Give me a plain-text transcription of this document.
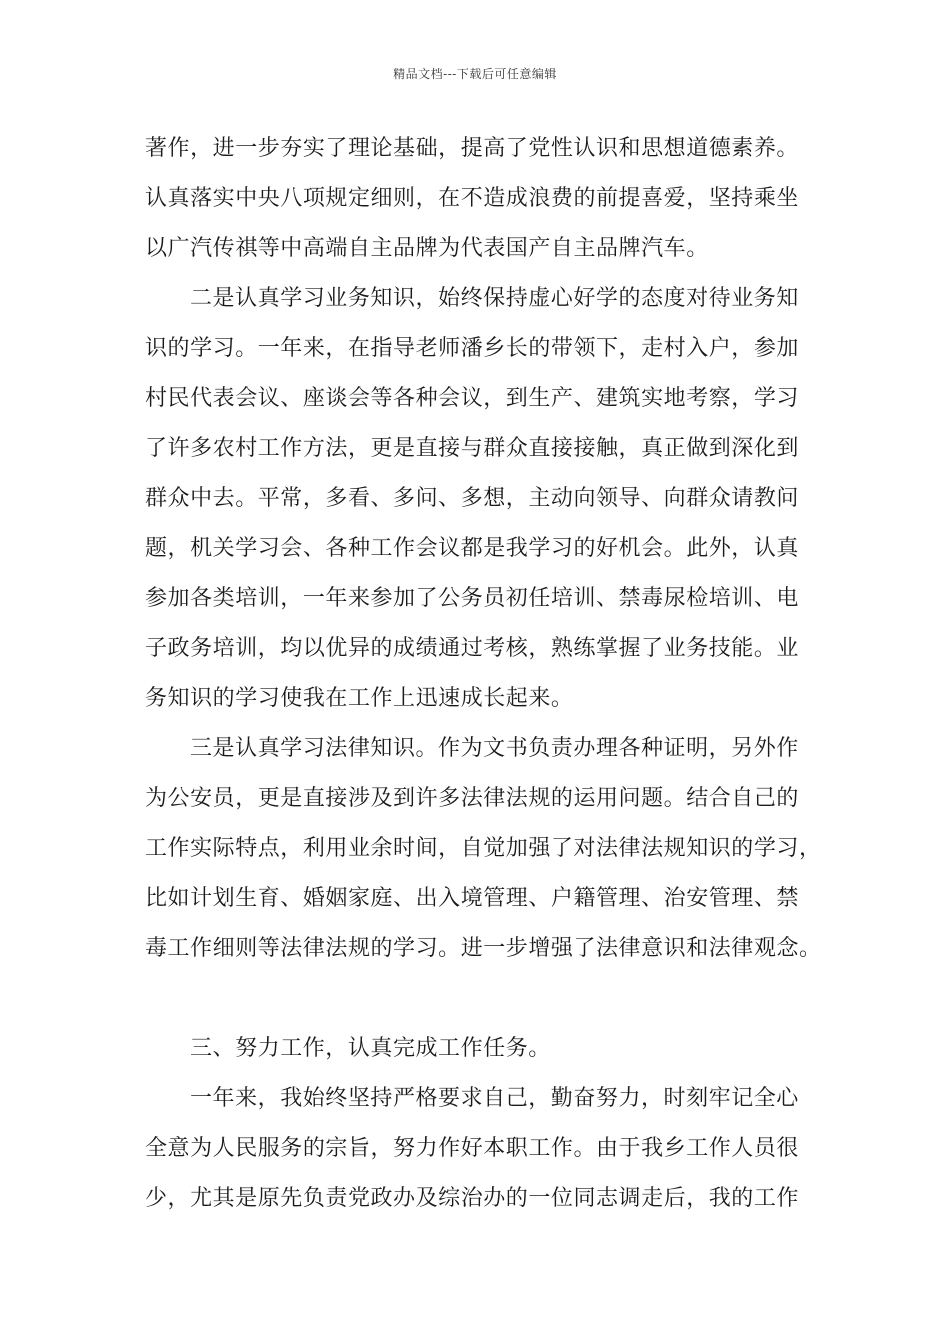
精品文档---下载后可任意编辑
著作，进一步夯实了理论基础，提高了党性认识和思想道德素养。
认真落实中央八项规定细则，在不造成浪费的前提喜爱，坚持乘坐
以广汽传祺等中高端自主品牌为代表国产自主品牌汽车。
二是认真学习业务知识，始终保持虚心好学的态度对待业务知
识的学习。一年来，在指导老师潘乡长的带领下，走村入户，参加
村民代表会议、座谈会等各种会议，到生产、建筑实地考察，学习
了许多农村工作方法，更是直接与群众直接接触，真正做到深化到
群众中去。平常，多看、多问、多想，主动向领导、向群众请教问
题，机关学习会、各种工作会议都是我学习的好机会。此外，认真
参加各类培训，一年来参加了公务员初任培训、禁毒尿检培训、电
子政务培训，均以优异的成绩通过考核，熟练掌握了业务技能。业
务知识的学习使我在工作上迅速成长起来。
三是认真学习法律知识。作为文书负责办理各种证明，另外作
为公安员，更是直接涉及到许多法律法规的运用问题。结合自己的
工作实际特点，利用业余时间，自觉加强了对法律法规知识的学习，
比如计划生育、婚姻家庭、出入境管理、户籍管理、治安管理、禁
毒工作细则等法律法规的学习。进一步增强了法律意识和法律观念。
三、努力工作，认真完成工作任务。
一年来，我始终坚持严格要求自己，勤奋努力，时刻牢记全心
全意为人民服务的宗旨，努力作好本职工作。由于我乡工作人员很
少，尤其是原先负责党政办及综治办的一位同志调走后，我的工作
